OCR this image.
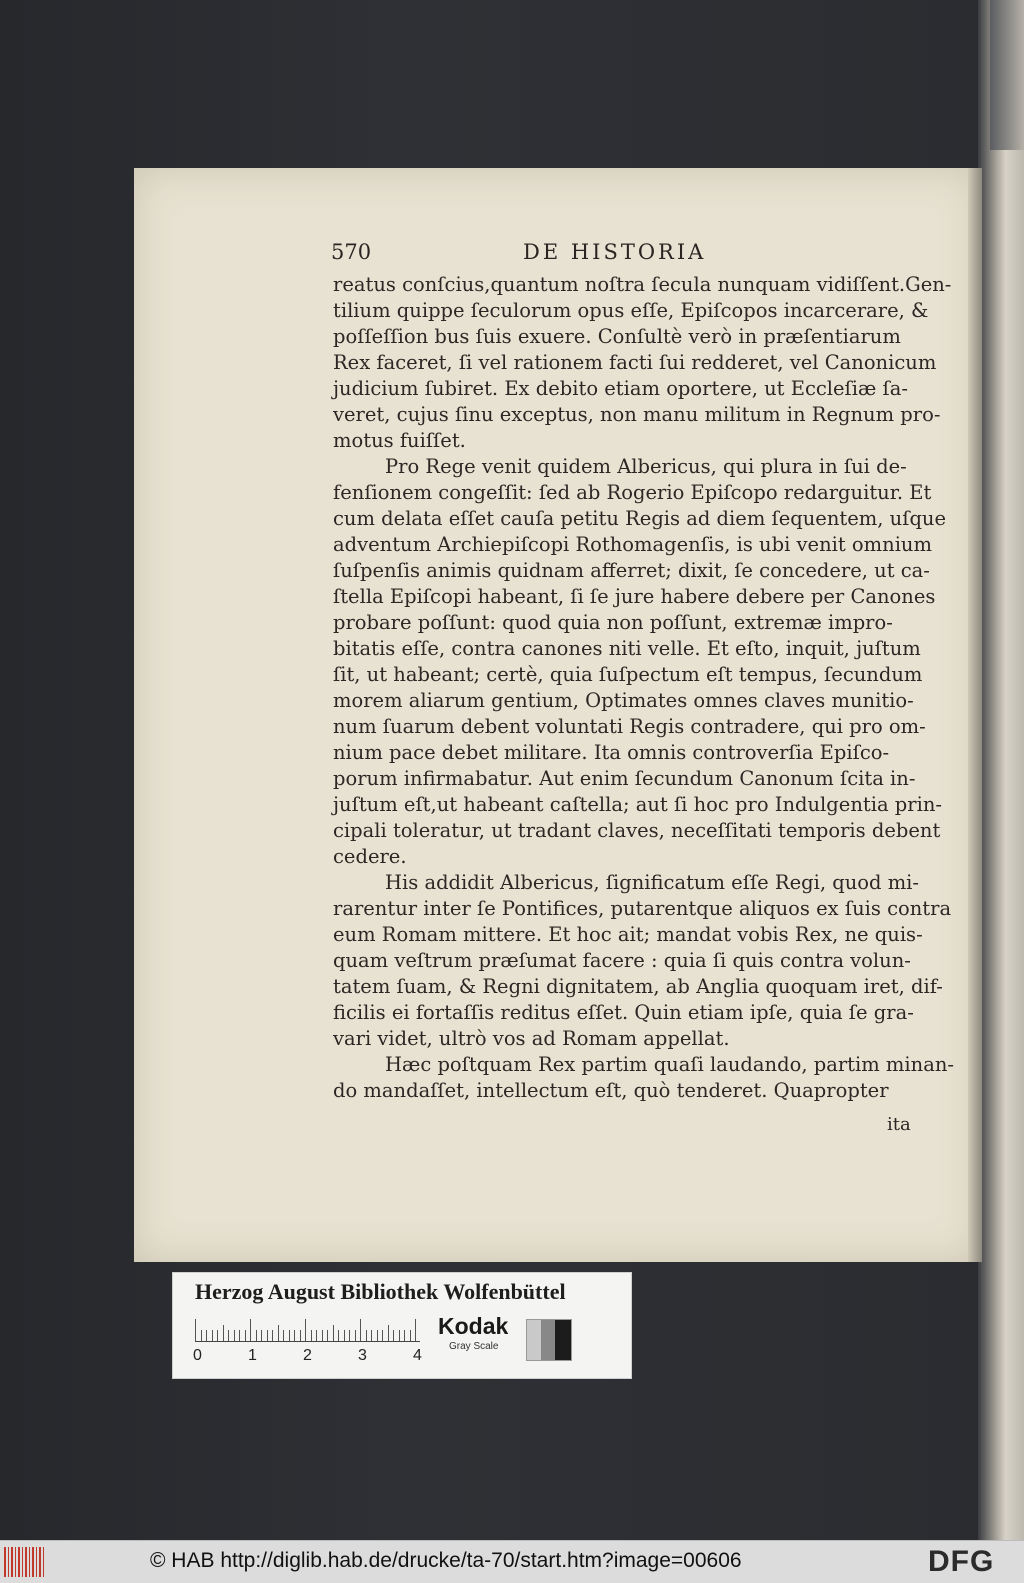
570	DE HISTORIA
reatus conſcius,quantum noſtra ſecula nunquam vidiſſent.Gen-
tilium quippe ſeculorum opus eſſe, Epiſcopos incarcerare, &
poſſeſſion bus ſuis exuere. Conſultè verò in præſentiarum
Rex faceret, ſi vel rationem facti ſui redderet, vel Canonicum
judicium ſubiret. Ex debito etiam oportere, ut Eccleſiæ ſa-
veret, cujus ſinu exceptus, non manu militum in Regnum pro-
motus fuiſſet.
Pro Rege venit quidem Albericus, qui plura in ſui de-
fenſionem congeſſit: ſed ab Rogerio Epiſcopo redarguitur. Et
cum delata eſſet cauſa petitu Regis ad diem ſequentem, uſque
adventum Archiepiſcopi Rothomagenſis, is ubi venit omnium
ſuſpenſis animis quidnam afferret; dixit, ſe concedere, ut ca-
ſtella Epiſcopi habeant, ſi ſe jure habere debere per Canones
probare poſſunt: quod quia non poſſunt, extremæ impro-
bitatis eſſe, contra canones niti velle. Et eſto, inquit, juſtum
ſit, ut habeant; certè, quia ſuſpectum eſt tempus, ſecundum
morem aliarum gentium, Optimates omnes claves munitio-
num ſuarum debent voluntati Regis contradere, qui pro om-
nium pace debet militare. Ita omnis controverſia Epiſco-
porum infirmabatur. Aut enim ſecundum Canonum ſcita in-
juſtum eſt,ut habeant caſtella; aut ſi hoc pro Indulgentia prin-
cipali toleratur, ut tradant claves, neceſſitati temporis debent
cedere.
His addidit Albericus, ſignificatum eſſe Regi, quod mi-
rarentur inter ſe Pontifices, putarentque aliquos ex ſuis contra
eum Romam mittere. Et hoc ait; mandat vobis Rex, ne quis-
quam veſtrum præſumat facere : quia ſi quis contra volun-
tatem ſuam, & Regni dignitatem, ab Anglia quoquam iret, dif-
ficilis ei fortaſſis reditus eſſet. Quin etiam ipſe, quia ſe gra-
vari videt, ultrò vos ad Romam appellat.
Hæc poſtquam Rex partim quaſi laudando, partim minan-
do mandaſſet, intellectum eſt, quò tenderet. Quapropter
ita
Herzog August Bibliothek Wolfenbüttel
0	1	2	3	4
Kodak
Gray Scale
© HAB http://diglib.hab.de/drucke/ta-70/start.htm?image=00606	DFG
